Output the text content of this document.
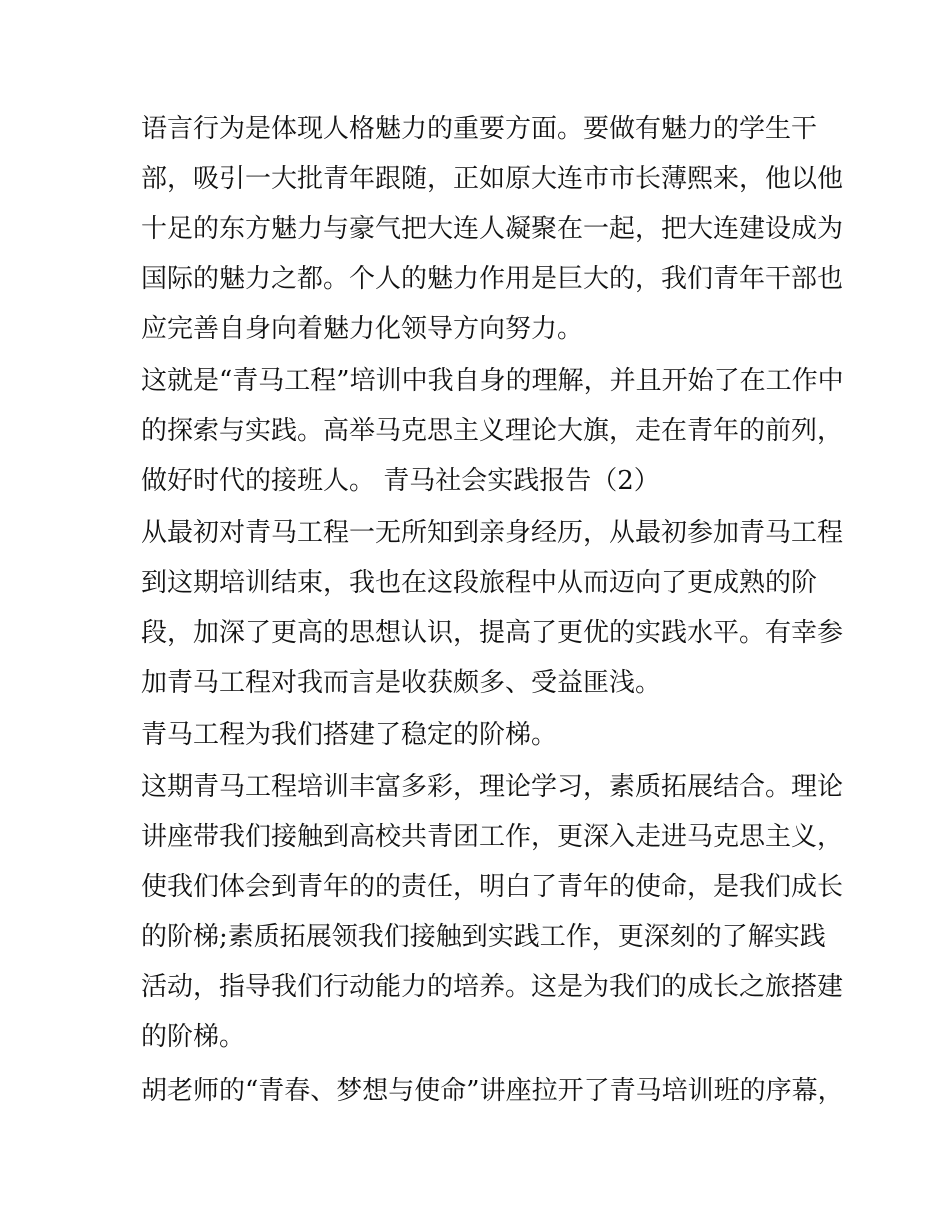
语言行为是体现人格魅力的重要方面。要做有魅力的学生干
部，吸引一大批青年跟随，正如原大连市市长薄熙来，他以他
十足的东方魅力与豪气把大连人凝聚在一起，把大连建设成为
国际的魅力之都。个人的魅力作用是巨大的，我们青年干部也
应完善自身向着魅力化领导方向努力。
这就是“青马工程”培训中我自身的理解，并且开始了在工作中
的探索与实践。高举马克思主义理论大旗，走在青年的前列，
做好时代的接班人。 青马社会实践报告（2）
从最初对青马工程一无所知到亲身经历，从最初参加青马工程
到这期培训结束，我也在这段旅程中从而迈向了更成熟的阶
段，加深了更高的思想认识，提高了更优的实践水平。有幸参
加青马工程对我而言是收获颇多、受益匪浅。
青马工程为我们搭建了稳定的阶梯。
这期青马工程培训丰富多彩，理论学习，素质拓展结合。理论
讲座带我们接触到高校共青团工作，更深入走进马克思主义，
使我们体会到青年的的责任，明白了青年的使命，是我们成长
的阶梯;素质拓展领我们接触到实践工作，更深刻的了解实践
活动，指导我们行动能力的培养。这是为我们的成长之旅搭建
的阶梯。
胡老师的“青春、梦想与使命”讲座拉开了青马培训班的序幕，
